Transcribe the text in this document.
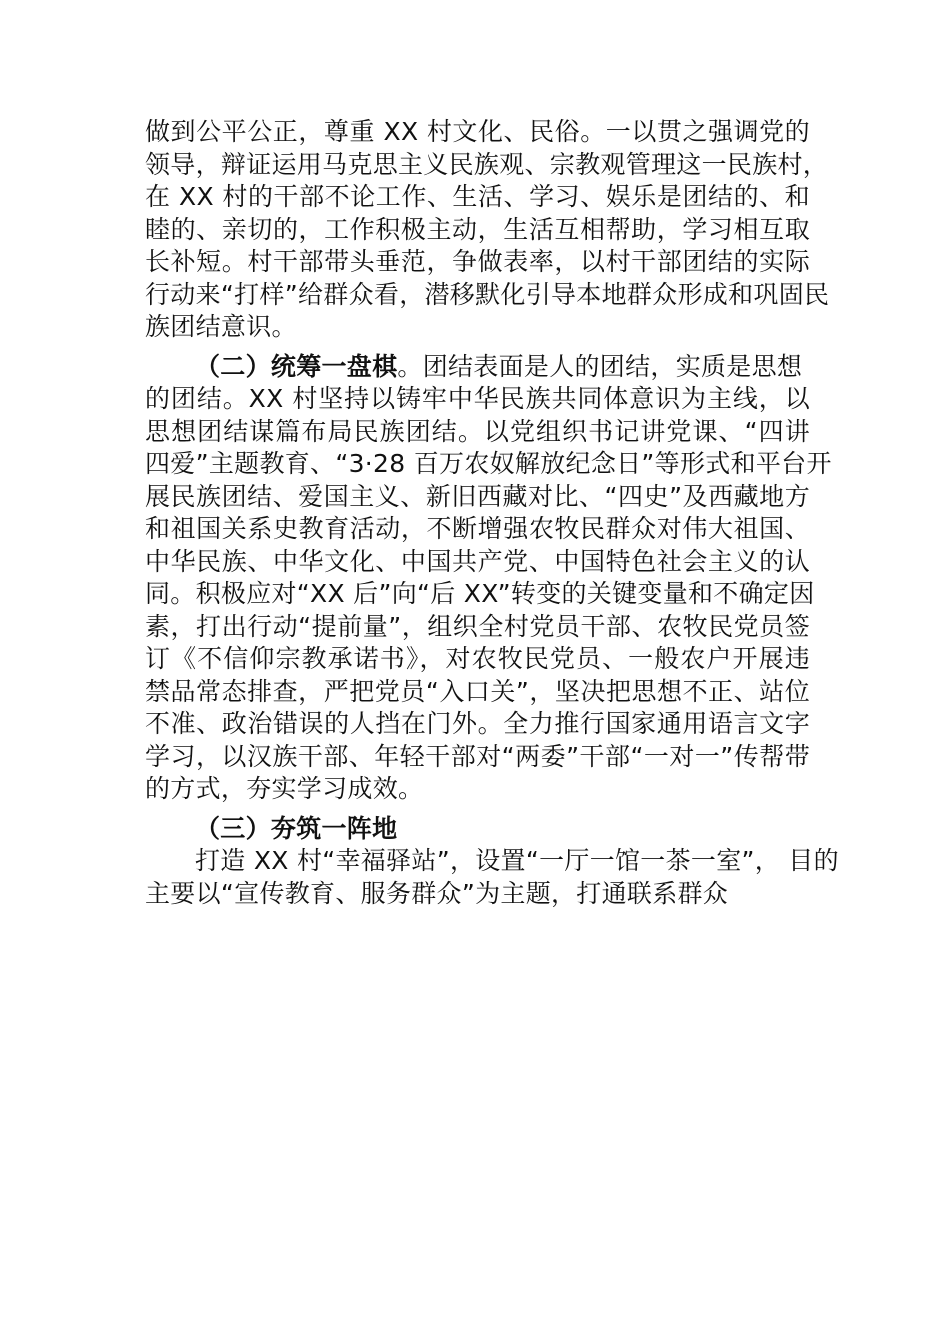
做到公平公正，尊重 XX 村文化、民俗。一以贯之强调党的
领导，辩证运用马克思主义民族观、宗教观管理这一民族村，
在 XX 村的干部不论工作、生活、学习、娱乐是团结的、和
睦的、亲切的，工作积极主动，生活互相帮助，学习相互取
长补短。村干部带头垂范，争做表率，以村干部团结的实际
行动来“打样”给群众看，潜移默化引导本地群众形成和巩固民
族团结意识。
（二）统筹一盘棋。团结表面是人的团结，实质是思想
的团结。XX 村坚持以铸牢中华民族共同体意识为主线，以
思想团结谋篇布局民族团结。以党组织书记讲党课、“四讲
四爱”主题教育、“3·28 百万农奴解放纪念日”等形式和平台开
展民族团结、爱国主义、新旧西藏对比、“四史”及西藏地方
和祖国关系史教育活动，不断增强农牧民群众对伟大祖国、
中华民族、中华文化、中国共产党、中国特色社会主义的认
同。积极应对“XX 后”向“后 XX”转变的关键变量和不确定因
素，打出行动“提前量”，组织全村党员干部、农牧民党员签
订《不信仰宗教承诺书》，对农牧民党员、一般农户开展违
禁品常态排查，严把党员“入口关”，坚决把思想不正、站位
不准、政治错误的人挡在门外。全力推行国家通用语言文字
学习，以汉族干部、年轻干部对“两委”干部“一对一”传帮带
的方式，夯实学习成效。
（三）夯筑一阵地
打造 XX 村“幸福驿站”，设置“一厅一馆一茶一室”， 目的
主要以“宣传教育、服务群众”为主题，打通联系群众
